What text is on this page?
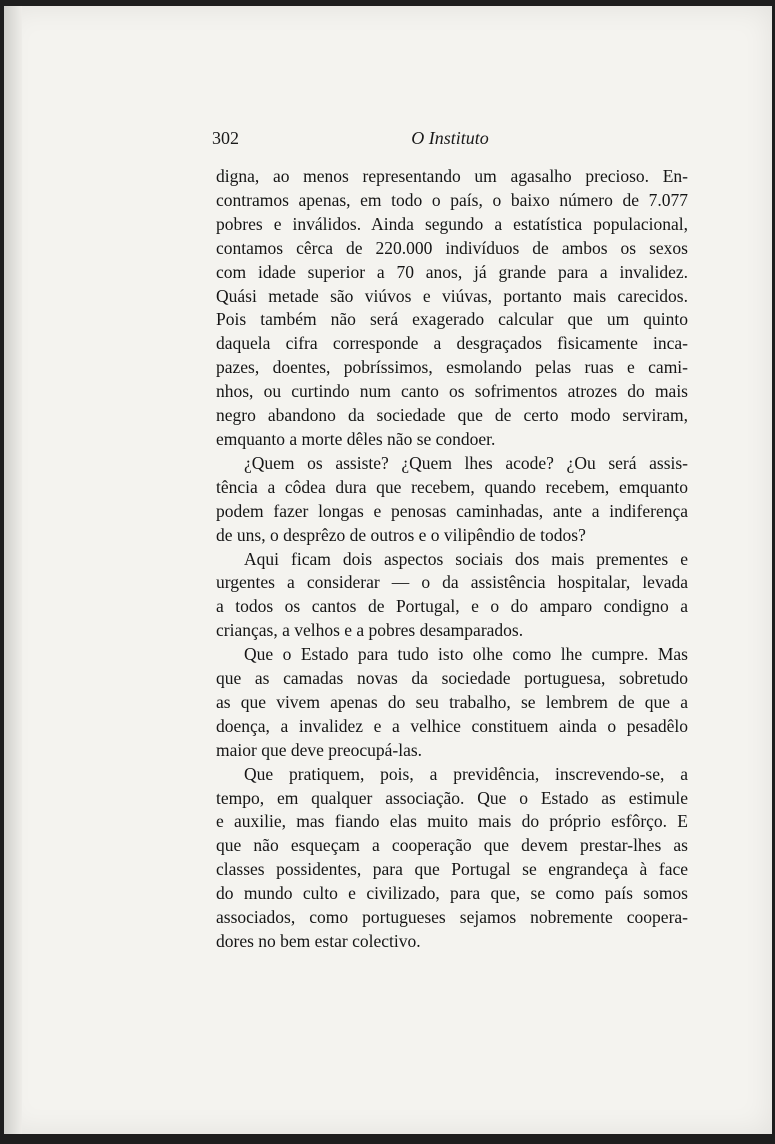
302	O Instituto
digna, ao menos representando um agasalho precioso. En-
contramos apenas, em todo o país, o baixo número de 7.077
pobres e inválidos. Ainda segundo a estatística populacional,
contamos cêrca de 220.000 indivíduos de ambos os sexos
com idade superior a 70 anos, já grande para a invalidez.
Quási metade são viúvos e viúvas, portanto mais carecidos.
Pois também não será exagerado calcular que um quinto
daquela cifra corresponde a desgraçados fìsicamente inca-
pazes, doentes, pobríssimos, esmolando pelas ruas e cami-
nhos, ou curtindo num canto os sofrimentos atrozes do mais
negro abandono da sociedade que de certo modo serviram,
emquanto a morte dêles não se condoer.
¿Quem os assiste? ¿Quem lhes acode? ¿Ou será assis-
tência a côdea dura que recebem, quando recebem, emquanto
podem fazer longas e penosas caminhadas, ante a indiferença
de uns, o desprêzo de outros e o vilipêndio de todos?
Aqui ficam dois aspectos sociais dos mais prementes e
urgentes a considerar — o da assistência hospitalar, levada
a todos os cantos de Portugal, e o do amparo condigno a
crianças, a velhos e a pobres desamparados.
Que o Estado para tudo isto olhe como lhe cumpre. Mas
que as camadas novas da sociedade portuguesa, sobretudo
as que vivem apenas do seu trabalho, se lembrem de que a
doença, a invalidez e a velhice constituem ainda o pesadêlo
maior que deve preocupá-las.
Que pratiquem, pois, a previdência, inscrevendo-se, a
tempo, em qualquer associação. Que o Estado as estimule
e auxilie, mas fiando elas muito mais do próprio esfôrço. E
que não esqueçam a cooperação que devem prestar-lhes as
classes possidentes, para que Portugal se engrandeça à face
do mundo culto e civilizado, para que, se como país somos
associados, como portugueses sejamos nobremente coopera-
dores no bem estar colectivo.
